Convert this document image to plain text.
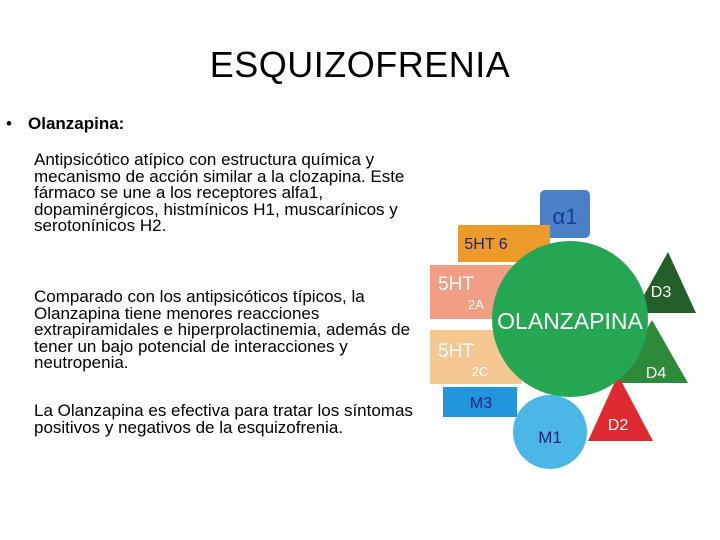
ESQUIZOFRENIA
• Olanzapina:

Antipsicótico atípico con estructura química y mecanismo de acción similar a la clozapina. Este fármaco se une a los receptores alfa1, dopaminérgicos, histmínicos H1, muscarínicos y serotonínicos H2.

Comparado con los antipsicóticos típicos, la Olanzapina tiene menores reacciones extrapiramidales e hiperprolactinemia, además de tener un bajo potencial de interacciones y neutropenia.

La Olanzapina es efectiva para tratar los síntomas positivos y negativos de la esquizofrenia.

α1
5HT 6
D3
5HT
2A
5HT
2C	D4
M3
M1
D2
OLANZAPINA
